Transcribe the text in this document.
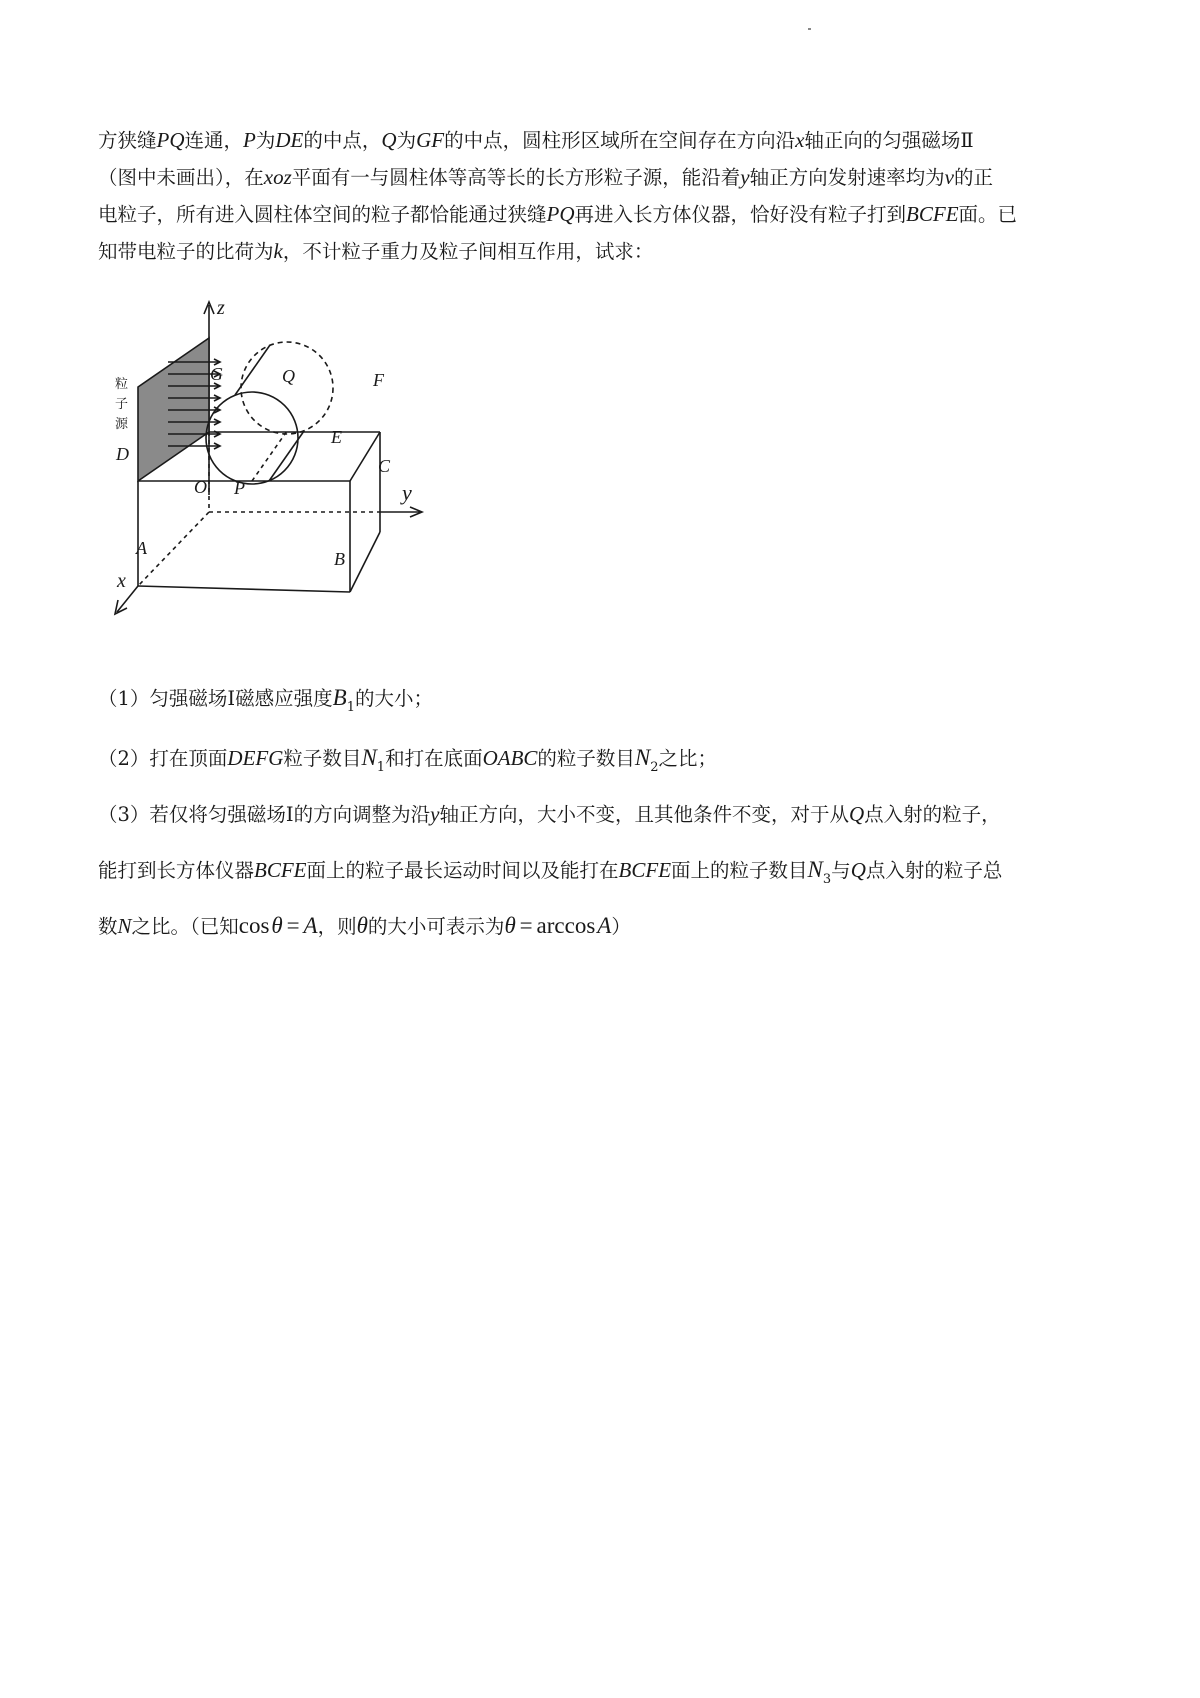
方狭缝PQ连通，P为DE的中点，Q为GF的中点，圆柱形区域所在空间存在方向沿x轴正向的匀强磁场Ⅱ

（图中未画出），在xoz平面有一与圆柱体等高等长的长方形粒子源，能沿着y轴正方向发射速率均为v的正

电粒子，所有进入圆柱体空间的粒子都恰能通过狭缝PQ再进入长方体仪器，恰好没有粒子打到BCFE面。已

知带电粒子的比荷为k，不计粒子重力及粒子间相互作用，试求：

z
G	Q	F
P
E
D
O
C
y
A
B
x
粒
子
源

（1）匀强磁场Ⅰ磁感应强度$B_1$的大小；

（2）打在顶面DEFG粒子数目$N_1$和打在底面OABC的粒子数目$N_2$之比；

（3）若仅将匀强磁场Ⅰ的方向调整为沿y轴正方向，大小不变，且其他条件不变，对于从Q点入射的粒子，

能打到长方体仪器BCFE面上的粒子最长运动时间以及能打在BCFE面上的粒子数目$N_3$与Q点入射的粒子总

数N之比。（已知cos θ  =  A，则θ的大小可表示为θ  =  arccos A）
